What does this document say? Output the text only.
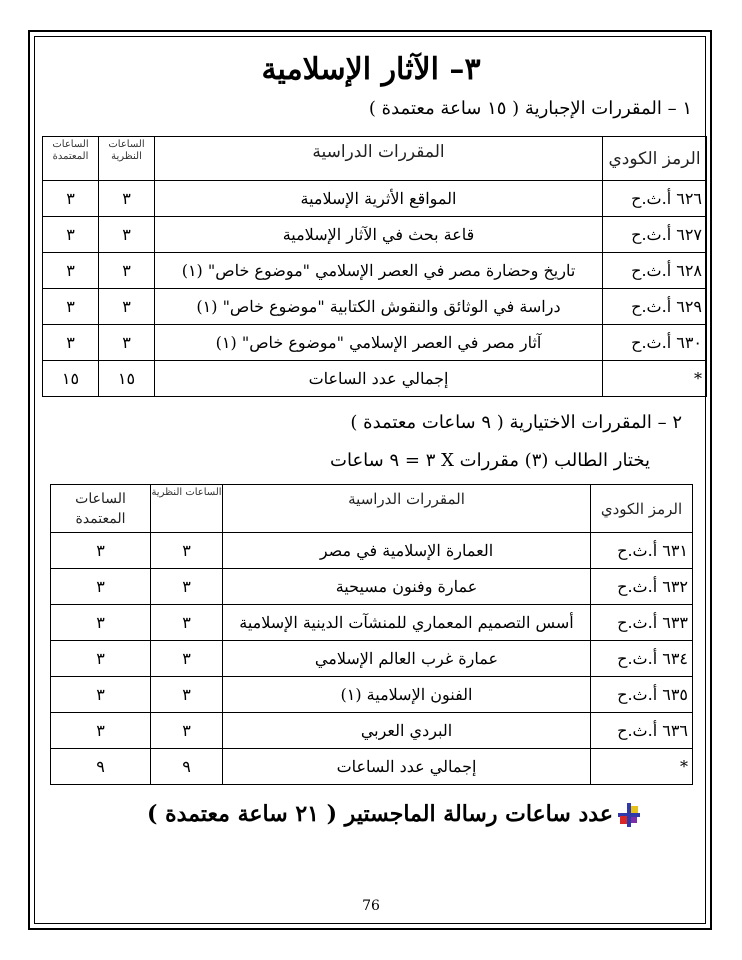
٣– الآثار الإسلامية
١ – المقررات الإجبارية ( ١٥ ساعة معتمدة )
الرمز الكودي	المقررات الدراسية	الساعات النظرية	الساعات المعتمدة
٦٢٦ أ.ث.ح	المواقع الأثرية الإسلامية	٣	٣
٦٢٧ أ.ث.ح	قاعة بحث في الآثار الإسلامية	٣	٣
٦٢٨ أ.ث.ح	تاريخ وحضارة مصر في العصر الإسلامي "موضوع خاص" (١)	٣	٣
٦٢٩ أ.ث.ح	دراسة في الوثائق والنقوش الكتابية "موضوع خاص" (١)	٣	٣
٦٣٠ أ.ث.ح	آثار مصر في العصر الإسلامي "موضوع خاص" (١)	٣	٣
*	إجمالي عدد الساعات	١٥	١٥
٢ – المقررات الاختيارية ( ٩ ساعات معتمدة )
يختار الطالب (٣) مقررات X ٣ = ٩ ساعات
الرمز الكودي	المقررات الدراسية	الساعات النظرية	الساعات المعتمدة
٦٣١ أ.ث.ح	العمارة الإسلامية في مصر	٣	٣
٦٣٢ أ.ث.ح	عمارة وفنون مسيحية	٣	٣
٦٣٣ أ.ث.ح	أسس التصميم المعماري للمنشآت الدينية الإسلامية	٣	٣
٦٣٤ أ.ث.ح	عمارة غرب العالم الإسلامي	٣	٣
٦٣٥ أ.ث.ح	الفنون الإسلامية (١)	٣	٣
٦٣٦ أ.ث.ح	البردي العربي	٣	٣
*	إجمالي عدد الساعات	٩	٩
عدد ساعات رسالة الماجستير ( ٢١ ساعة معتمدة )
76
